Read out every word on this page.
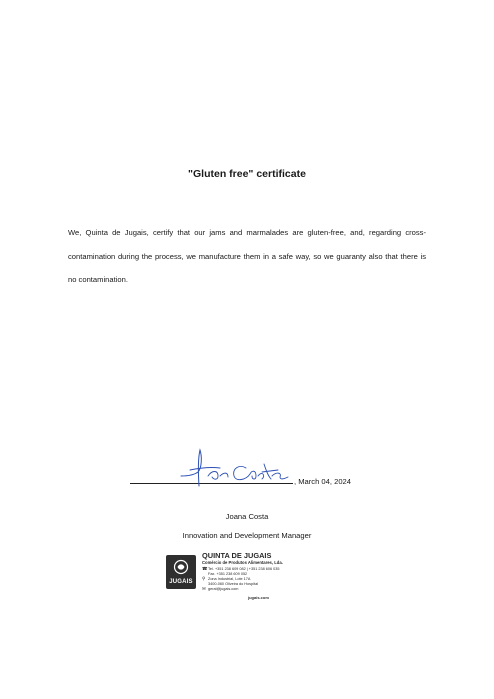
"Gluten free" certificate
We, Quinta de Jugais, certify that our jams and marmalades are gluten-free, and, regarding cross-contamination during the process, we manufacture them in a safe way, so we guaranty also that there is no contamination.
, March 04, 2024
Joana Costa
Innovation and Development Manager
JUGAIS
QUINTA DE JUGAIS
Comércio de Produtos Alimentares, Lda.
☎ Tel. +351 238 609 082 | +351 238 606 035
Fax. +351 238 609 052
⚲ Zona Industrial, Lote 17A
3400-060 Oliveira do Hospital
✉ geral@jugais.com
jugais.com
